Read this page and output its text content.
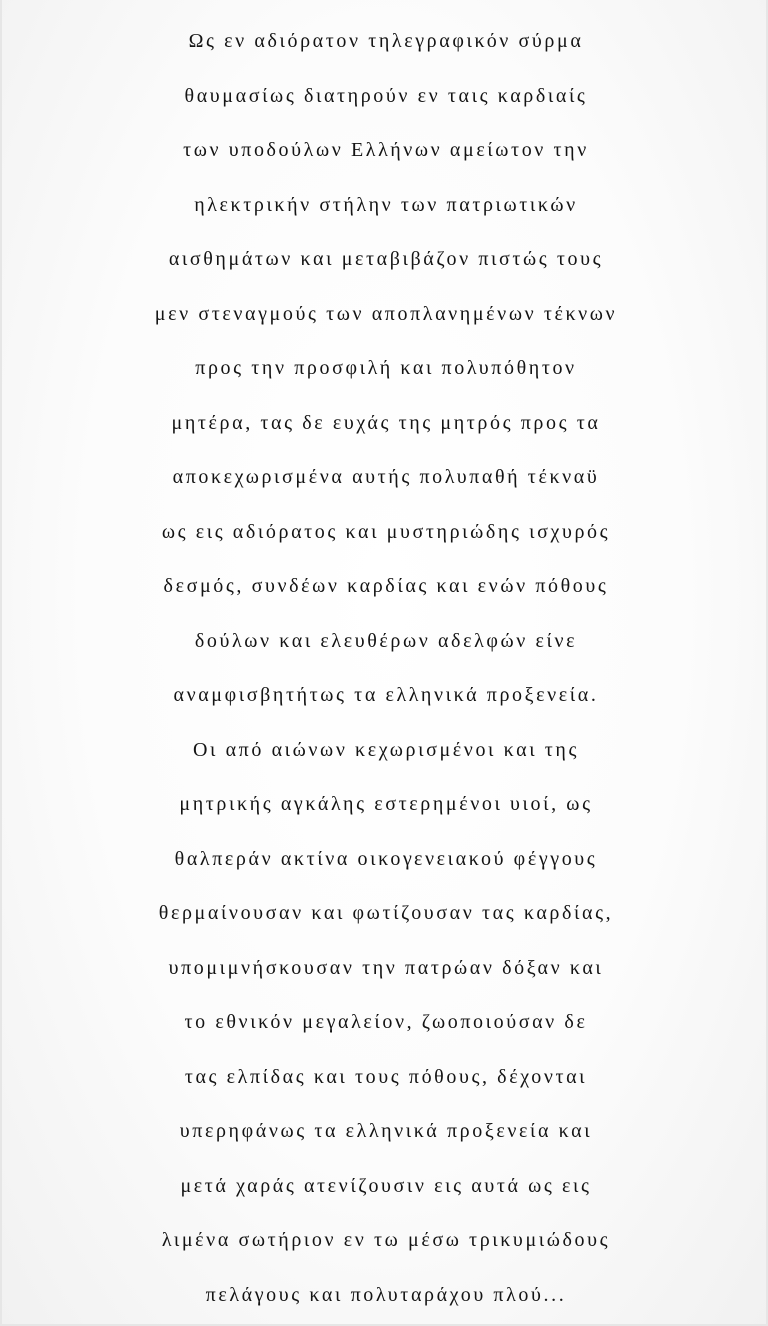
Ως εν αδιόρατον τηλεγραφικόν σύρμα
θαυμασίως διατηρούν εν ταις καρδιαίς
των υποδούλων Ελλήνων αμείωτον την
ηλεκτρικήν στήλην των πατριωτικών
αισθημάτων και μεταβιβάζον πιστώς τους
μεν στεναγμούς των αποπλανημένων τέκνων
προς την προσφιλή και πολυπόθητον
μητέρα, τας δε ευχάς της μητρός προς τα
αποκεχωρισμένα αυτής πολυπαθή τέκναϋ
ως εις αδιόρατος και μυστηριώδης ισχυρός
δεσμός, συνδέων καρδίας και ενών πόθους
δούλων και ελευθέρων αδελφών είνε
αναμφισβητήτως τα ελληνικά προξενεία.
Οι από αιώνων κεχωρισμένοι και της
μητρικής αγκάλης εστερημένοι υιοί, ως
θαλπεράν ακτίνα οικογενειακού φέγγους
θερμαίνουσαν και φωτίζουσαν τας καρδίας,
υπομιμνήσκουσαν την πατρώαν δόξαν και
το εθνικόν μεγαλείον, ζωοποιούσαν δε
τας ελπίδας και τους πόθους, δέχονται
υπερηφάνως τα ελληνικά προξενεία και
μετά χαράς ατενίζουσιν εις αυτά ως εις
λιμένα σωτήριον εν τω μέσω τρικυμιώδους
πελάγους και πολυταράχου πλού...
